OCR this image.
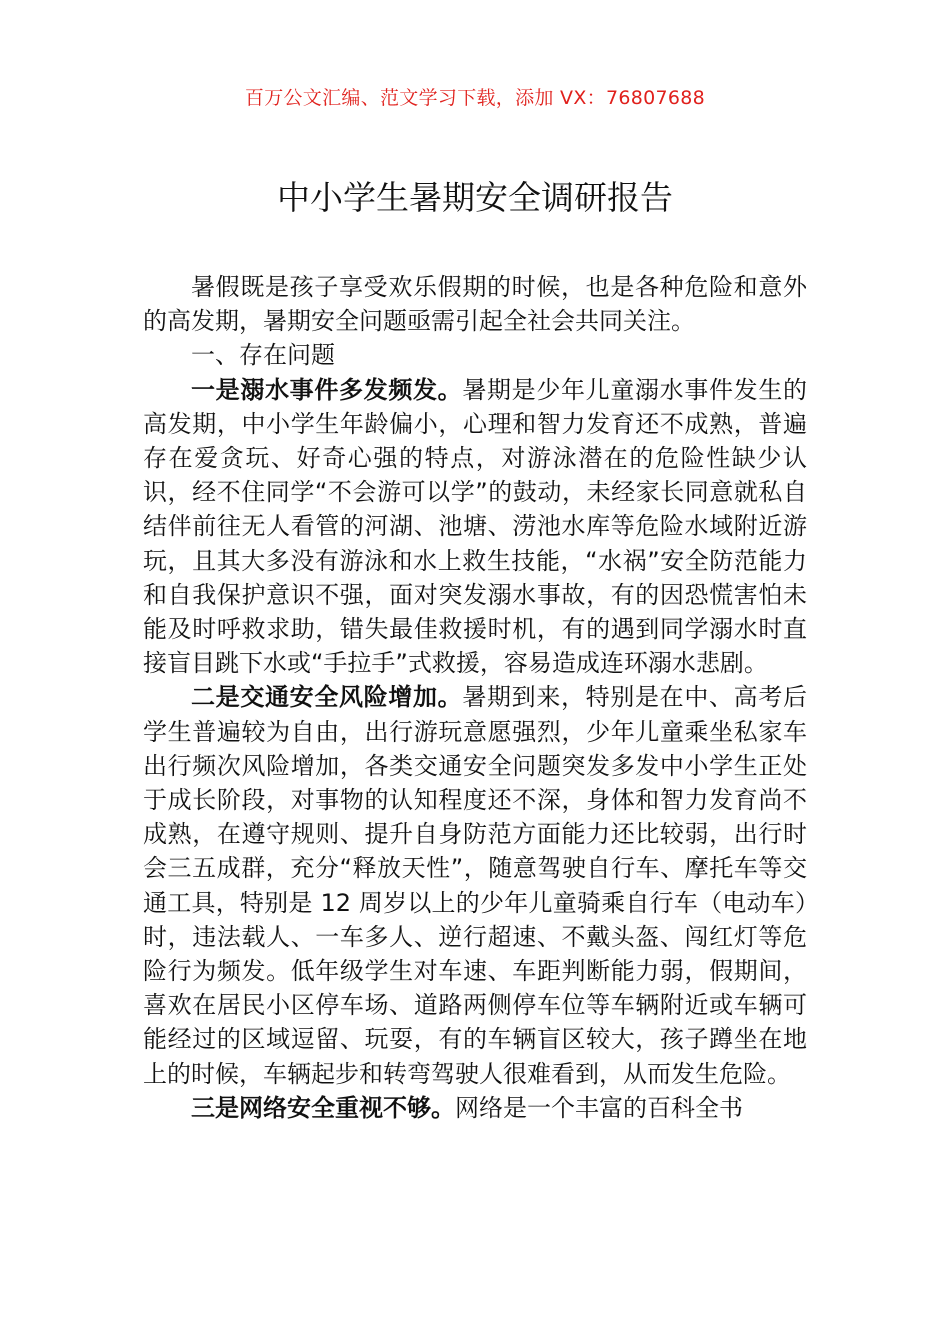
百万公文汇编、范文学习下载，添加 VX：76807688
中小学生暑期安全调研报告

暑假既是孩子享受欢乐假期的时候，也是各种危险和意外的高发期，暑期安全问题亟需引起全社会共同关注。

一、存在问题

一是溺水事件多发频发。暑期是少年儿童溺水事件发生的高发期，中小学生年龄偏小，心理和智力发育还不成熟，普遍存在爱贪玩、好奇心强的特点，对游泳潜在的危险性缺少认识，经不住同学“不会游可以学”的鼓动，未经家长同意就私自结伴前往无人看管的河湖、池塘、涝池水库等危险水域附近游玩，且其大多没有游泳和水上救生技能，“水祸”安全防范能力和自我保护意识不强，面对突发溺水事故，有的因恐慌害怕未能及时呼救求助，错失最佳救援时机，有的遇到同学溺水时直接盲目跳下水或“手拉手”式救援，容易造成连环溺水悲剧。

二是交通安全风险增加。暑期到来，特别是在中、高考后学生普遍较为自由，出行游玩意愿强烈，少年儿童乘坐私家车出行频次风险增加，各类交通安全问题突发多发中小学生正处于成长阶段，对事物的认知程度还不深，身体和智力发育尚不成熟，在遵守规则、提升自身防范方面能力还比较弱，出行时会三五成群，充分“释放天性”，随意驾驶自行车、摩托车等交通工具，特别是 12 周岁以上的少年儿童骑乘自行车（电动车）时，违法载人、一车多人、逆行超速、不戴头盔、闯红灯等危险行为频发。低年级学生对车速、车距判断能力弱，假期间，喜欢在居民小区停车场、道路两侧停车位等车辆附近或车辆可能经过的区域逗留、玩耍，有的车辆盲区较大，孩子蹲坐在地上的时候，车辆起步和转弯驾驶人很难看到，从而发生危险。

三是网络安全重视不够。网络是一个丰富的百科全书
